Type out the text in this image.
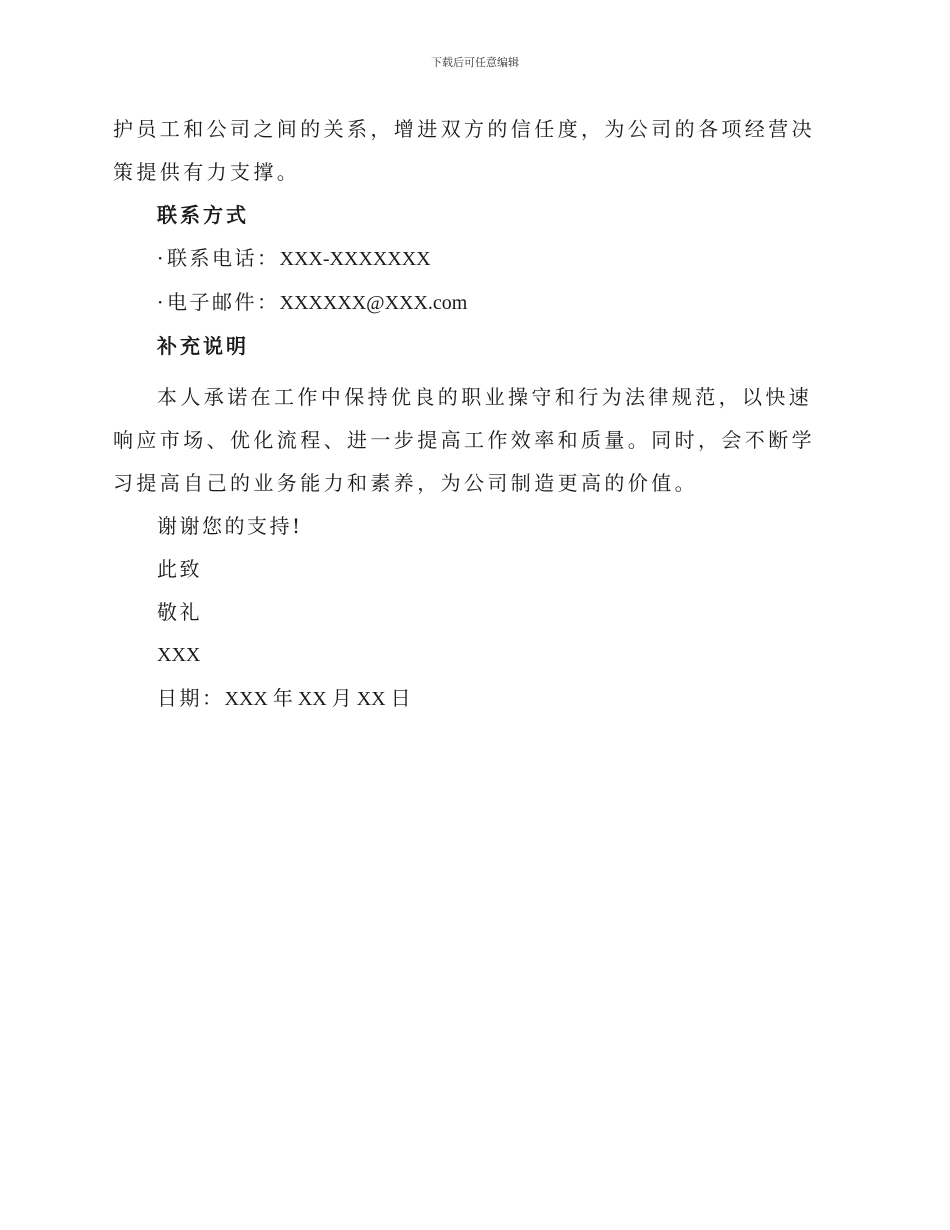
下载后可任意编辑

护员工和公司之间的关系，增进双方的信任度，为公司的各项经营决策提供有力支撑。

联系方式

·联系电话：XXX-XXXXXXX

·电子邮件：XXXXXX@XXX.com

补充说明

本人承诺在工作中保持优良的职业操守和行为法律规范，以快速响应市场、优化流程、进一步提高工作效率和质量。同时，会不断学习提高自己的业务能力和素养，为公司制造更高的价值。

谢谢您的支持!

此致

敬礼

XXX

日期：XXX 年 XX 月 XX 日
